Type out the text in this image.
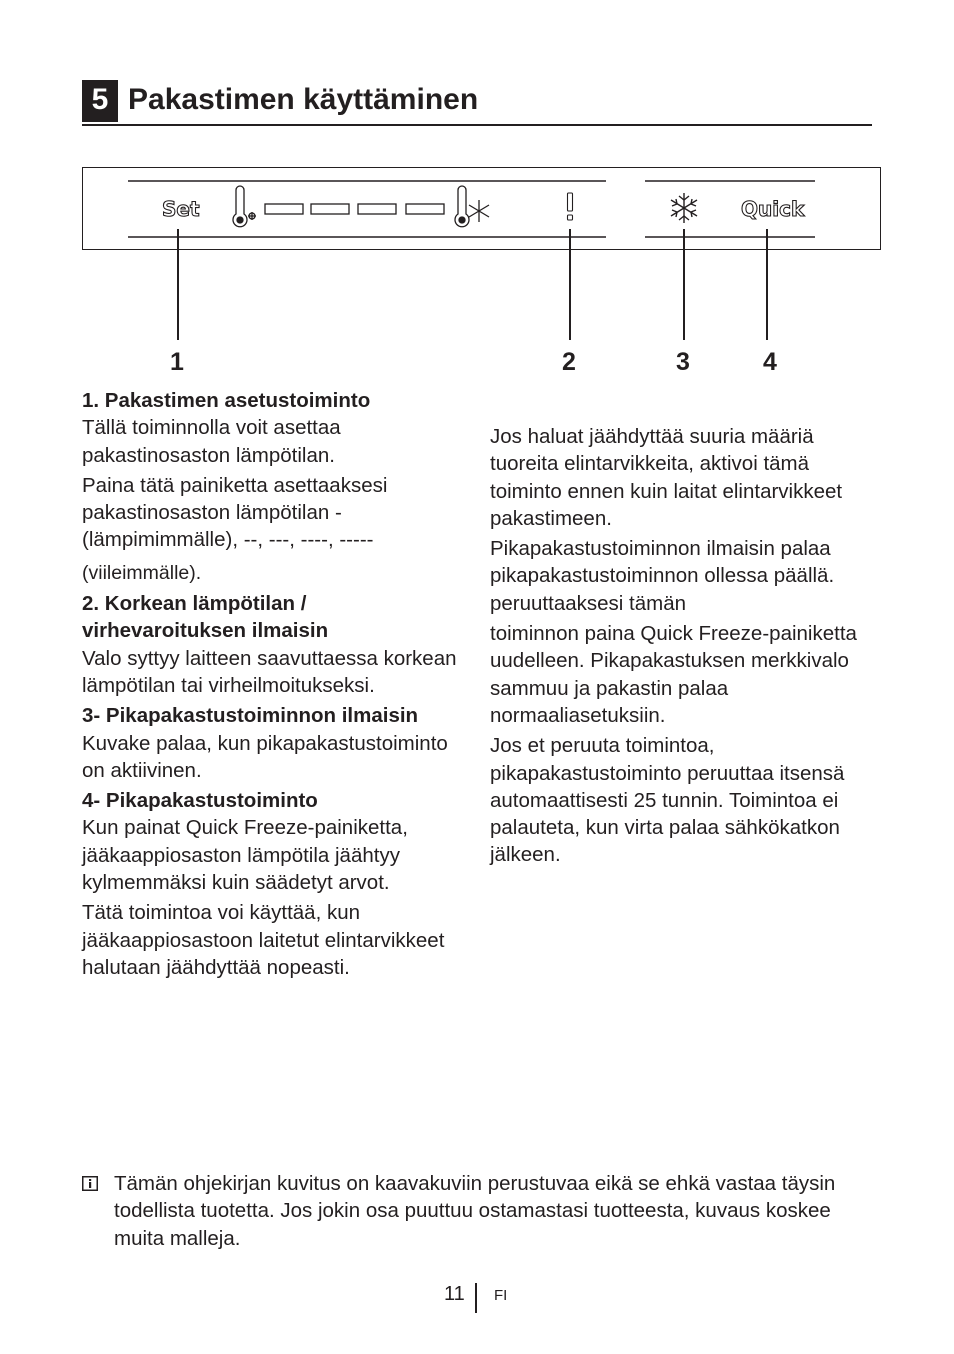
5 Pakastimen käyttäminen
Set	Quick
1	2	3	4

1. Pakastimen asetustoiminto

Tällä toiminnolla voit asettaa pakastinosaston lämpötilan.

Paina tätä painiketta asettaaksesi pakastinosaston lämpötilan -(lämpimimmälle), --, ---, ----, -----

(viileimmälle).

2. Korkean lämpötilan / virhevaroituksen ilmaisin

Valo syttyy laitteen saavuttaessa korkean lämpötilan tai virheilmoitukseksi.

3- Pikapakastustoiminnon ilmaisin

Kuvake palaa, kun pikapakastustoiminto on aktiivinen.

4- Pikapakastustoiminto

Kun painat Quick Freeze-painiketta, jääkaappiosaston lämpötila jäähtyy kylmemmäksi kuin säädetyt arvot.

Tätä toimintoa voi käyttää, kun jääkaappiosastoon laitetut elintarvikkeet halutaan jäähdyttää nopeasti.

Jos haluat jäähdyttää suuria määriä tuoreita elintarvikkeita, aktivoi tämä toiminto ennen kuin laitat elintarvikkeet pakastimeen.

Pikapakastustoiminnon ilmaisin palaa pikapakastustoiminnon ollessa päällä. peruuttaaksesi tämän

toiminnon paina Quick Freeze-painiketta uudelleen. Pikapakastuksen merkkivalo sammuu ja pakastin palaa normaaliasetuksiin.

Jos et peruuta toimintoa, pikapakastustoiminto peruuttaa itsensä automaattisesti 25 tunnin. Toimintoa ei palauteta, kun virta palaa sähkökatkon jälkeen.

Tämän ohjekirjan kuvitus on kaavakuviin perustuvaa eikä se ehkä vastaa täysin todellista tuotetta. Jos jokin osa puuttuu ostamastasi tuotteesta, kuvaus koskee muita malleja.
11 FI
